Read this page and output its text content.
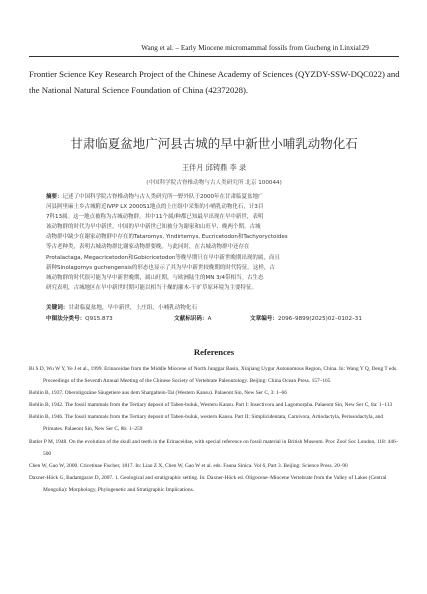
Wang et al. – Early Miocene micromammal fossils from Gucheng in Linxia 129
Frontier Science Key Research Project of the Chinese Academy of Sciences (QYZDY-SSW-DQC022) and the National Natural Science Foundation of China (42372028).
甘肃临夏盆地广河县古城的早中新世小哺乳动物化石
王伴月 邱铸鼎 李 录
(中国科学院古脊椎动物与古人类研究所 北京 100044)
摘要：记述了中国科学院古脊椎动物与古人类研究所一野外队于2000年在甘肃临夏盆地广
河县阿里麻土乡古城附近IVPP LX 2000S1地点的上庄组中采集的小哺乳动物化石，计3目
7科13属。这一地点被称为古城动物群。其中11个属/种都已知最早出现在早中新世，表明
该动物群的时代为早中新世。中国的早中新世已知被分为谢家和山旺早、晚两个期。古城
动物群中缺少在谢家动物群中存在的Tataromys, Yindirtemys, Eucricetodon和Tachyoryctoides
等古老种类，表明古城动物群比谢家动物群要晚。与此同时，在古城动物群中还存在
Protalactaga, Megacricetodon和Gobicricetodon等晚早期只在早中新世晚期出现的属，而且
新种Sinolagomys guchengensis的形态也显示了其为早中新世较晚期的时代特征。这样，古
城动物群的时代很可能为早中新世晚期，属山旺期，与欧洲陆生的MN 3/4带相当。古生态
研究表明，古城地区在早中新世时期可能以相当干燥的灌木-干旷草原环境为主要特征。
关键词：甘肃临夏盆地，早中新世，上庄组，小哺乳动物化石
中图法分类号：Q915.873	文献标识码：A	文章编号：2096–9899(2025)02–0102–31
References
Bi S D, Wu W Y, Ye J et al., 1999. Erinaceidae from the Middle Miocene of North Junggar Basin, Xinjiang Uygur Autonomous Region, China. In: Wang Y Q, Deng T eds. Proceedings of the Seventh Annual Meeting of the Chinese Society of Vertebrate Paleontology. Beijing: China Ocean Press. 157–165
Bohlin B, 1937. Oberoligozäne Säugetiere aus dem Shargaltein-Tal (Western Kansu). Palaeont Sin, New Ser C, 3: 1–66
Bohlin B, 1942. The fossil mammals from the Tertiary deposit of Taben-buluk, Westeru Kansu. Part I: Insectivora and Lagomorpha. Palaeont Sin, New Ser C, 8a: 1–113
Bohlin B, 1946. The fossil mammals from the Tertiary deposit of Taben-buluk, western Kansu. Part II: Simplicidentata, Carnivora, Artiodactyla, Perissodactyla, and Primates. Palaeont Sin, New Ser C, 8b: 1–259
Butler P M, 1948. On the evolution of the skull and teeth in the Erinaceidae, with special reference on fossil material in British Museum. Proc Zool Soc London, 118: 446–500
Chen W, Gao W, 2000. Cricetinae Fischer, 1817. In: Liao Z X, Chen W, Gao W et al. eds. Fauna Sinica. Vol 6, Part 3. Beijing: Science Press. 20–90
Daxner-Höck G, Badamgarav D, 2007. 1. Geological and stratigraphic setting. In: Daxner-Höck ed. Oligocene–Miocene Vertebrate from the Valley of Lakes (Central Mongolia): Morphology, Phylogenetic and Stratigraphic Implications.
